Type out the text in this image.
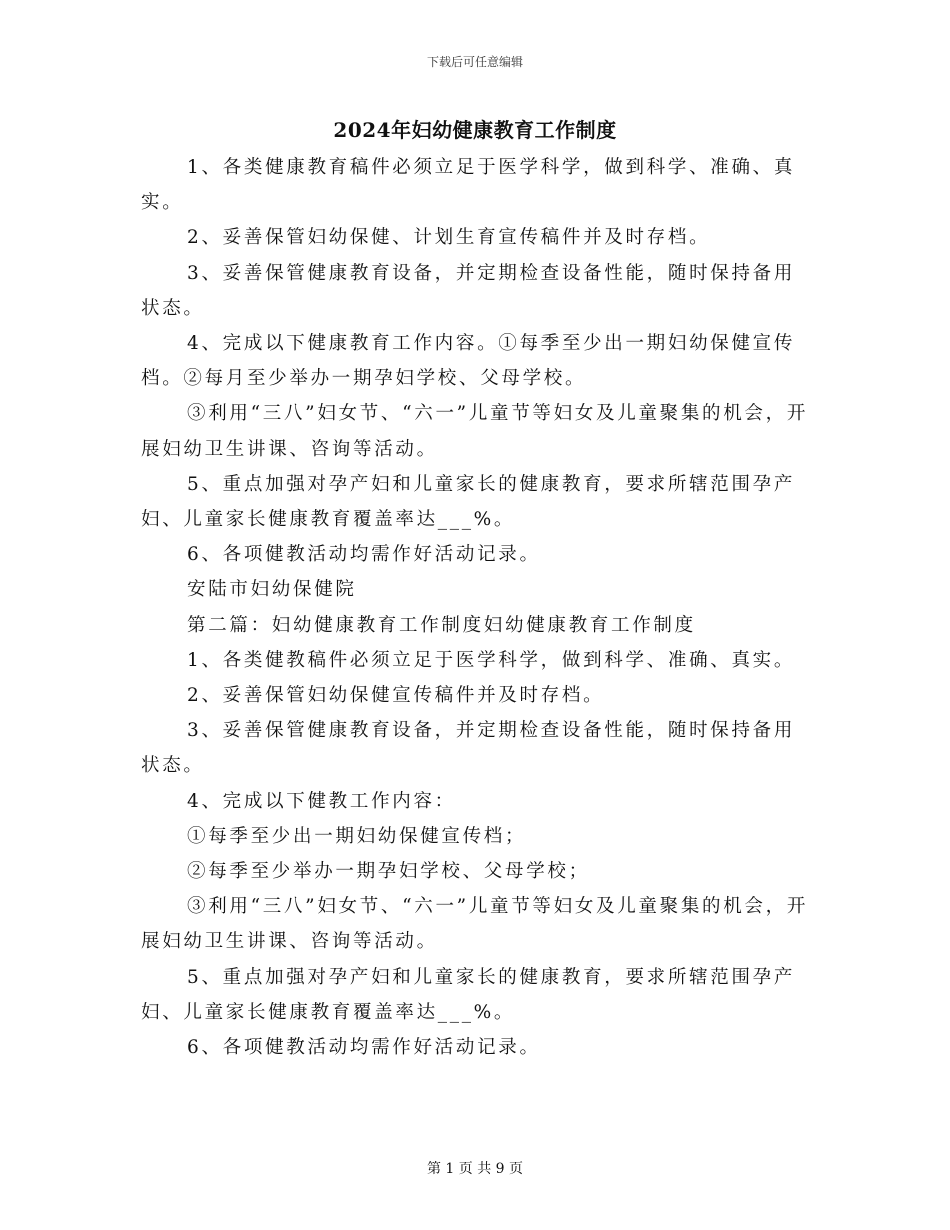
下载后可任意编辑
2024年妇幼健康教育工作制度

1、各类健康教育稿件必须立足于医学科学，做到科学、准确、真实。

2、妥善保管妇幼保健、计划生育宣传稿件并及时存档。

3、妥善保管健康教育设备，并定期检查设备性能，随时保持备用状态。

4、完成以下健康教育工作内容。①每季至少出一期妇幼保健宣传档。②每月至少举办一期孕妇学校、父母学校。

③利用“三八”妇女节、“六一”儿童节等妇女及儿童聚集的机会，开展妇幼卫生讲课、咨询等活动。

5、重点加强对孕产妇和儿童家长的健康教育，要求所辖范围孕产妇、儿童家长健康教育覆盖率达___%。

6、各项健教活动均需作好活动记录。

安陆市妇幼保健院

第二篇：妇幼健康教育工作制度妇幼健康教育工作制度

1、各类健教稿件必须立足于医学科学，做到科学、准确、真实。

2、妥善保管妇幼保健宣传稿件并及时存档。

3、妥善保管健康教育设备，并定期检查设备性能，随时保持备用状态。

4、完成以下健教工作内容：

①每季至少出一期妇幼保健宣传档；

②每季至少举办一期孕妇学校、父母学校；

③利用“三八”妇女节、“六一”儿童节等妇女及儿童聚集的机会，开展妇幼卫生讲课、咨询等活动。

5、重点加强对孕产妇和儿童家长的健康教育，要求所辖范围孕产妇、儿童家长健康教育覆盖率达___%。

6、各项健教活动均需作好活动记录。

第 1 页 共 9 页
